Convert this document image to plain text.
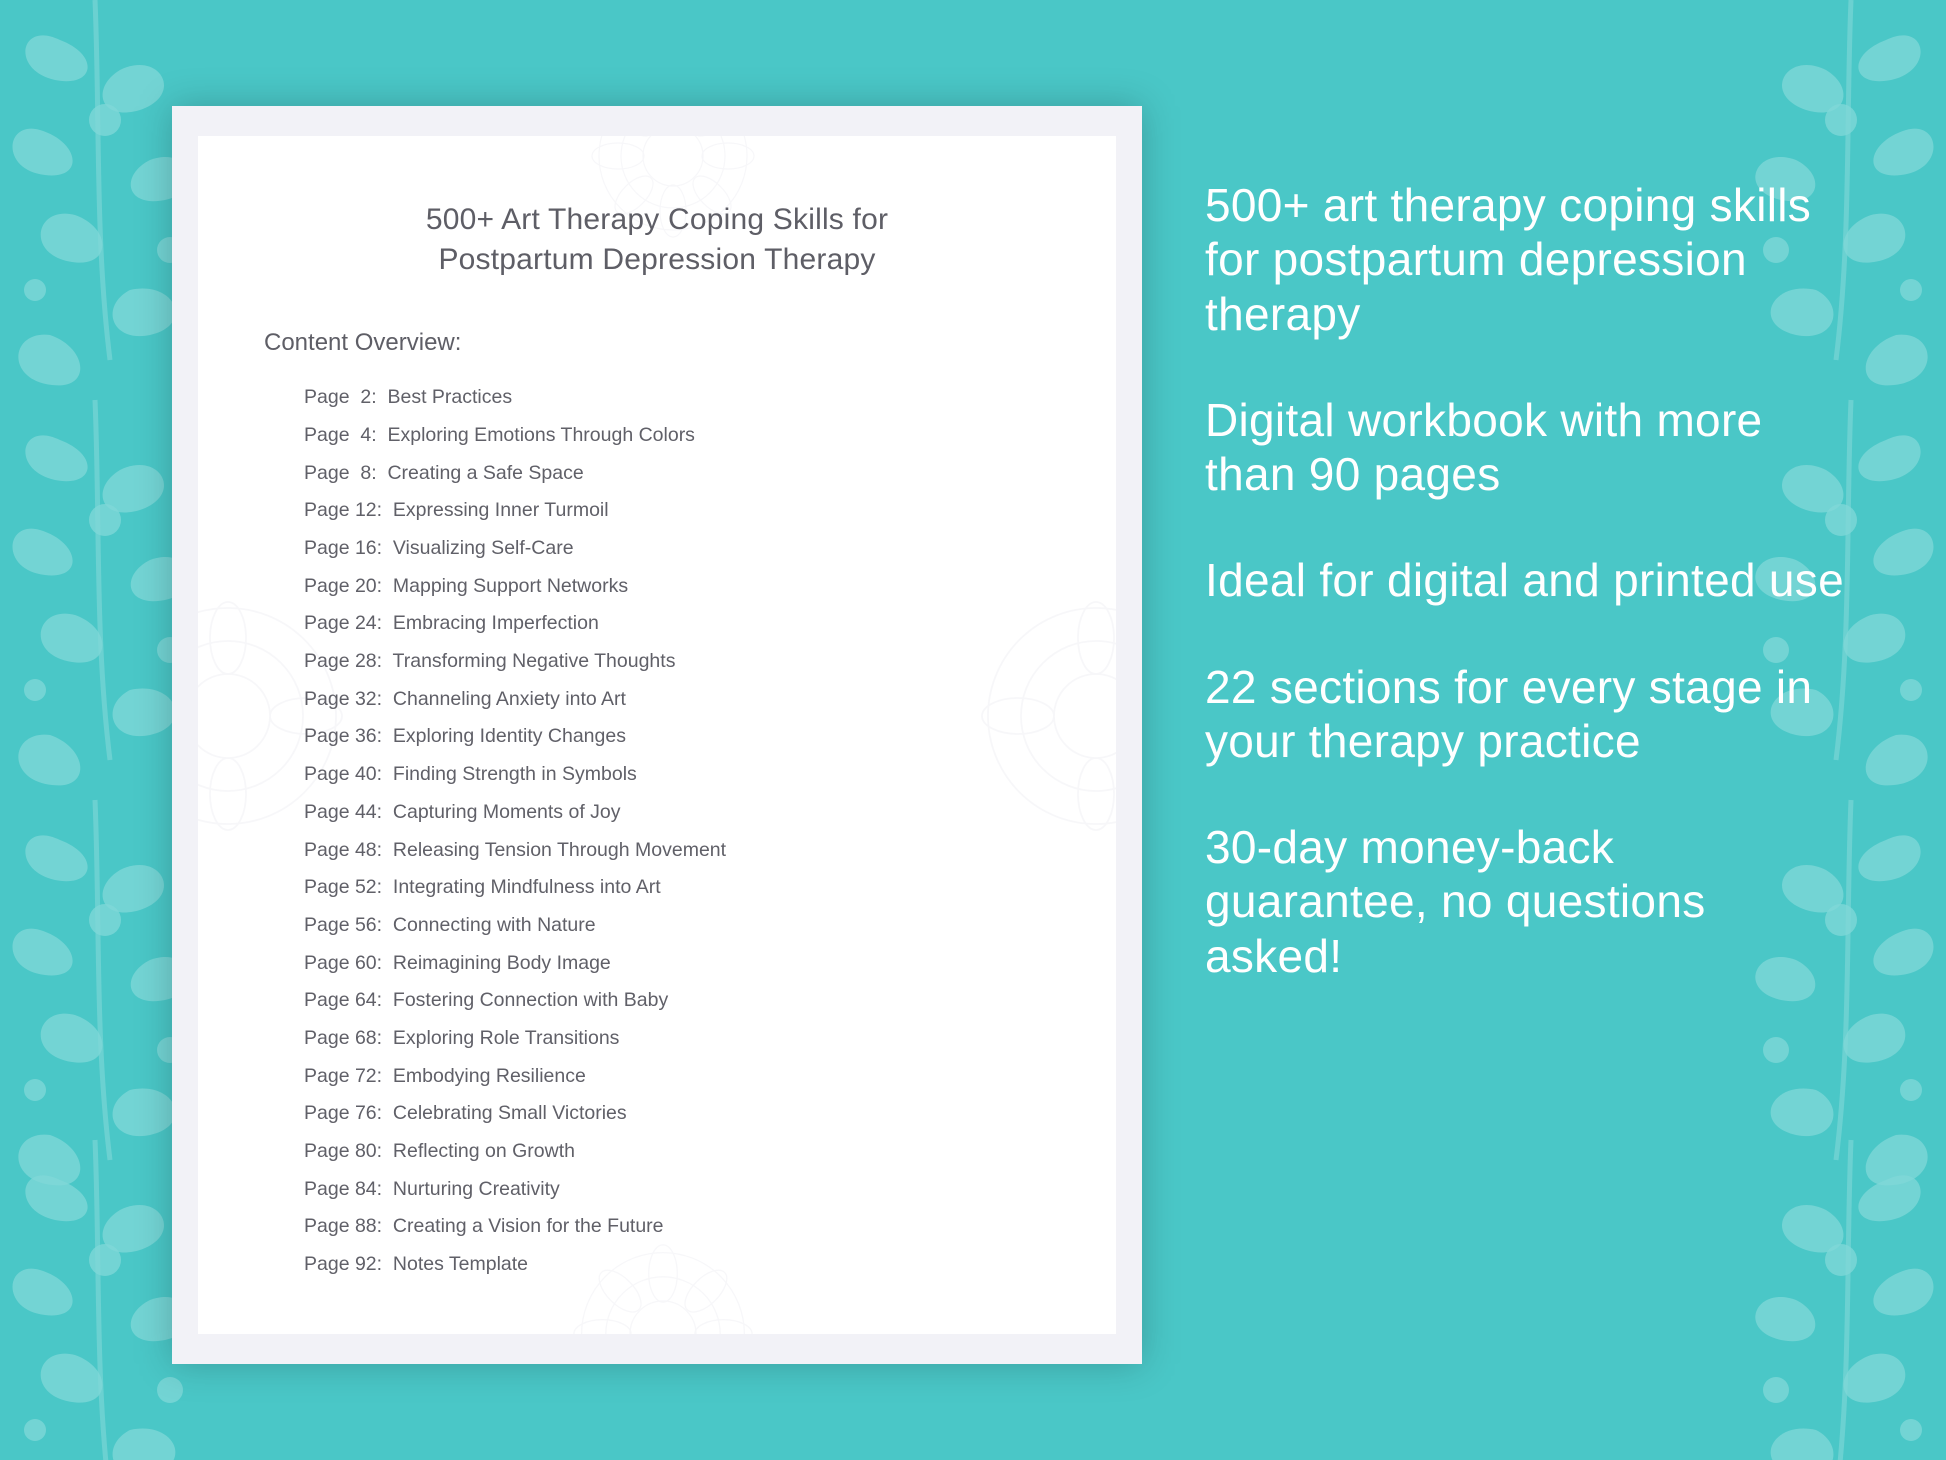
500+ Art Therapy Coping Skills for
Postpartum Depression Therapy
Content Overview:
Page  2:  Best Practices
Page  4:  Exploring Emotions Through Colors
Page  8:  Creating a Safe Space
Page 12:  Expressing Inner Turmoil
Page 16:  Visualizing Self-Care
Page 20:  Mapping Support Networks
Page 24:  Embracing Imperfection
Page 28:  Transforming Negative Thoughts
Page 32:  Channeling Anxiety into Art
Page 36:  Exploring Identity Changes
Page 40:  Finding Strength in Symbols
Page 44:  Capturing Moments of Joy
Page 48:  Releasing Tension Through Movement
Page 52:  Integrating Mindfulness into Art
Page 56:  Connecting with Nature
Page 60:  Reimagining Body Image
Page 64:  Fostering Connection with Baby
Page 68:  Exploring Role Transitions
Page 72:  Embodying Resilience
Page 76:  Celebrating Small Victories
Page 80:  Reflecting on Growth
Page 84:  Nurturing Creativity
Page 88:  Creating a Vision for the Future
Page 92:  Notes Template

500+ art therapy coping skills for postpartum depression therapy

Digital workbook with more than 90 pages

Ideal for digital and printed use

22 sections for every stage in your therapy practice

30-day money-back guarantee, no questions asked!
